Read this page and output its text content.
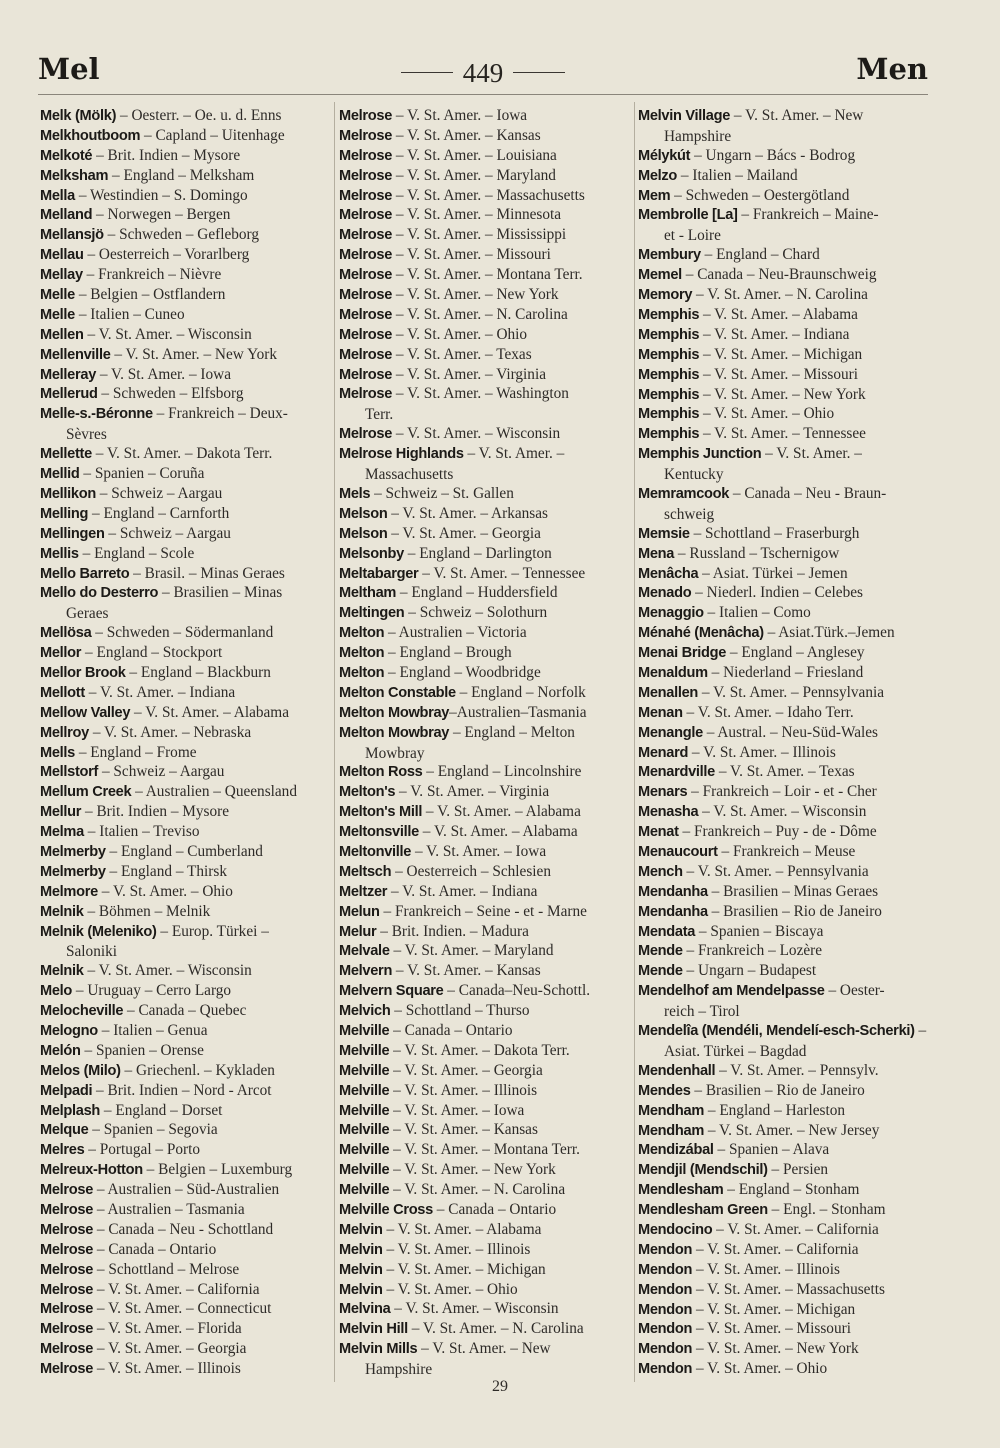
Mel	449	Men
Melk (Mölk) – Oesterr. – Oe. u. d. Enns
Melkhoutboom – Capland – Uitenhage
Melkoté – Brit. Indien – Mysore
Melksham – England – Melksham
Mella – Westindien – S. Domingo
Melland – Norwegen – Bergen
Mellansjö – Schweden – Gefleborg
Mellau – Oesterreich – Vorarlberg
Mellay – Frankreich – Nièvre
Melle – Belgien – Ostflandern
Melle – Italien – Cuneo
Mellen – V. St. Amer. – Wisconsin
Mellenville – V. St. Amer. – New York
Melleray – V. St. Amer. – Iowa
Mellerud – Schweden – Elfsborg
Melle-s.-Béronne – Frankreich – Deux-
Sèvres
Mellette – V. St. Amer. – Dakota Terr.
Mellid – Spanien – Coruña
Mellikon – Schweiz – Aargau
Melling – England – Carnforth
Mellingen – Schweiz – Aargau
Mellis – England – Scole
Mello Barreto – Brasil. – Minas Geraes
Mello do Desterro – Brasilien – Minas
Geraes
Mellösa – Schweden – Södermanland
Mellor – England – Stockport
Mellor Brook – England – Blackburn
Mellott – V. St. Amer. – Indiana
Mellow Valley – V. St. Amer. – Alabama
Mellroy – V. St. Amer. – Nebraska
Mells – England – Frome
Mellstorf – Schweiz – Aargau
Mellum Creek – Australien – Queensland
Mellur – Brit. Indien – Mysore
Melma – Italien – Treviso
Melmerby – England – Cumberland
Melmerby – England – Thirsk
Melmore – V. St. Amer. – Ohio
Melnik – Böhmen – Melnik
Melnik (Meleniko) – Europ. Türkei –
Saloniki
Melnik – V. St. Amer. – Wisconsin
Melo – Uruguay – Cerro Largo
Melocheville – Canada – Quebec
Melogno – Italien – Genua
Melón – Spanien – Orense
Melos (Milo) – Griechenl. – Kykladen
Melpadi – Brit. Indien – Nord - Arcot
Melplash – England – Dorset
Melque – Spanien – Segovia
Melres – Portugal – Porto
Melreux-Hotton – Belgien – Luxemburg
Melrose – Australien – Süd-Australien
Melrose – Australien – Tasmania
Melrose – Canada – Neu - Schottland
Melrose – Canada – Ontario
Melrose – Schottland – Melrose
Melrose – V. St. Amer. – California
Melrose – V. St. Amer. – Connecticut
Melrose – V. St. Amer. – Florida
Melrose – V. St. Amer. – Georgia
Melrose – V. St. Amer. – Illinois
Melrose – V. St. Amer. – Iowa
Melrose – V. St. Amer. – Kansas
Melrose – V. St. Amer. – Louisiana
Melrose – V. St. Amer. – Maryland
Melrose – V. St. Amer. – Massachusetts
Melrose – V. St. Amer. – Minnesota
Melrose – V. St. Amer. – Mississippi
Melrose – V. St. Amer. – Missouri
Melrose – V. St. Amer. – Montana Terr.
Melrose – V. St. Amer. – New York
Melrose – V. St. Amer. – N. Carolina
Melrose – V. St. Amer. – Ohio
Melrose – V. St. Amer. – Texas
Melrose – V. St. Amer. – Virginia
Melrose – V. St. Amer. – Washington
Terr.
Melrose – V. St. Amer. – Wisconsin
Melrose Highlands – V. St. Amer. –
Massachusetts
Mels – Schweiz – St. Gallen
Melson – V. St. Amer. – Arkansas
Melson – V. St. Amer. – Georgia
Melsonby – England – Darlington
Meltabarger – V. St. Amer. – Tennessee
Meltham – England – Huddersfield
Meltingen – Schweiz – Solothurn
Melton – Australien – Victoria
Melton – England – Brough
Melton – England – Woodbridge
Melton Constable – England – Norfolk
Melton Mowbray–Australien–Tasmania
Melton Mowbray – England – Melton
Mowbray
Melton Ross – England – Lincolnshire
Melton's – V. St. Amer. – Virginia
Melton's Mill – V. St. Amer. – Alabama
Meltonsville – V. St. Amer. – Alabama
Meltonville – V. St. Amer. – Iowa
Meltsch – Oesterreich – Schlesien
Meltzer – V. St. Amer. – Indiana
Melun – Frankreich – Seine - et - Marne
Melur – Brit. Indien. – Madura
Melvale – V. St. Amer. – Maryland
Melvern – V. St. Amer. – Kansas
Melvern Square – Canada–Neu-Schottl.
Melvich – Schottland – Thurso
Melville – Canada – Ontario
Melville – V. St. Amer. – Dakota Terr.
Melville – V. St. Amer. – Georgia
Melville – V. St. Amer. – Illinois
Melville – V. St. Amer. – Iowa
Melville – V. St. Amer. – Kansas
Melville – V. St. Amer. – Montana Terr.
Melville – V. St. Amer. – New York
Melville – V. St. Amer. – N. Carolina
Melville Cross – Canada – Ontario
Melvin – V. St. Amer. – Alabama
Melvin – V. St. Amer. – Illinois
Melvin – V. St. Amer. – Michigan
Melvin – V. St. Amer. – Ohio
Melvina – V. St. Amer. – Wisconsin
Melvin Hill – V. St. Amer. – N. Carolina
Melvin Mills – V. St. Amer. – New
Hampshire
Melvin Village – V. St. Amer. – New
Hampshire
Mélykút – Ungarn – Bács - Bodrog
Melzo – Italien – Mailand
Mem – Schweden – Oestergötland
Membrolle [La] – Frankreich – Maine-
et - Loire
Membury – England – Chard
Memel – Canada – Neu-Braunschweig
Memory – V. St. Amer. – N. Carolina
Memphis – V. St. Amer. – Alabama
Memphis – V. St. Amer. – Indiana
Memphis – V. St. Amer. – Michigan
Memphis – V. St. Amer. – Missouri
Memphis – V. St. Amer. – New York
Memphis – V. St. Amer. – Ohio
Memphis – V. St. Amer. – Tennessee
Memphis Junction – V. St. Amer. –
Kentucky
Memramcook – Canada – Neu - Braun-
schweig
Memsie – Schottland – Fraserburgh
Mena – Russland – Tschernigow
Menâcha – Asiat. Türkei – Jemen
Menado – Niederl. Indien – Celebes
Menaggio – Italien – Como
Ménahé (Menâcha) – Asiat.Türk.–Jemen
Menai Bridge – England – Anglesey
Menaldum – Niederland – Friesland
Menallen – V. St. Amer. – Pennsylvania
Menan – V. St. Amer. – Idaho Terr.
Menangle – Austral. – Neu-Süd-Wales
Menard – V. St. Amer. – Illinois
Menardville – V. St. Amer. – Texas
Menars – Frankreich – Loir - et - Cher
Menasha – V. St. Amer. – Wisconsin
Menat – Frankreich – Puy - de - Dôme
Menaucourt – Frankreich – Meuse
Mench – V. St. Amer. – Pennsylvania
Mendanha – Brasilien – Minas Geraes
Mendanha – Brasilien – Rio de Janeiro
Mendata – Spanien – Biscaya
Mende – Frankreich – Lozère
Mende – Ungarn – Budapest
Mendelhof am Mendelpasse – Oester-
reich – Tirol
Mendelîa (Mendéli, Mendelí-esch-Scherki) –
Asiat. Türkei – Bagdad
Mendenhall – V. St. Amer. – Pennsylv.
Mendes – Brasilien – Rio de Janeiro
Mendham – England – Harleston
Mendham – V. St. Amer. – New Jersey
Mendizábal – Spanien – Alava
Mendjil (Mendschil) – Persien
Mendlesham – England – Stonham
Mendlesham Green – Engl. – Stonham
Mendocino – V. St. Amer. – California
Mendon – V. St. Amer. – California
Mendon – V. St. Amer. – Illinois
Mendon – V. St. Amer. – Massachusetts
Mendon – V. St. Amer. – Michigan
Mendon – V. St. Amer. – Missouri
Mendon – V. St. Amer. – New York
Mendon – V. St. Amer. – Ohio
29
